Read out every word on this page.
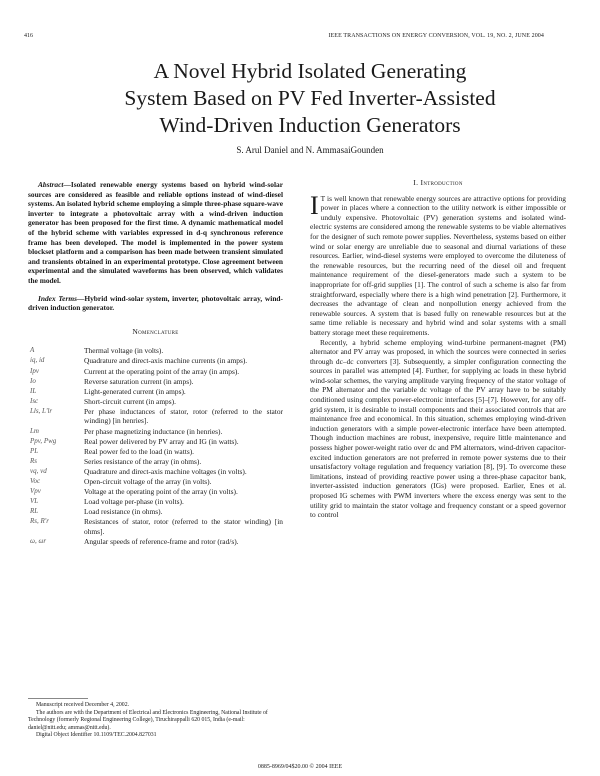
416	IEEE TRANSACTIONS ON ENERGY CONVERSION, VOL. 19, NO. 2, JUNE 2004
A Novel Hybrid Isolated Generating
System Based on PV Fed Inverter-Assisted
Wind-Driven Induction Generators
S. Arul Daniel and N. AmmasaiGounden

Abstract—Isolated renewable energy systems based on hybrid wind-solar sources are considered as feasible and reliable options instead of wind-diesel systems. An isolated hybrid scheme employing a simple three-phase square-wave inverter to integrate a photovoltaic array with a wind-driven induction generator has been proposed for the first time. A dynamic mathematical model of the hybrid scheme with variables expressed in d-q synchronous reference frame has been developed. The model is implemented in the power system blockset platform and a comparison has been made between transient simulated and transients obtained in an experimental prototype. Close agreement between experimental and the simulated waveforms has been observed, which validates the model.

Index Terms—Hybrid wind-solar system, inverter, photovoltaic array, wind-driven induction generator.

Nomenclature
A	Thermal voltage (in volts).
iq, id	Quadrature and direct-axis machine currents (in amps).
Ipv	Current at the operating point of the array (in amps).
Io	Reverse saturation current (in amps).
IL	Light-generated current (in amps).
Isc	Short-circuit current (in amps).
Lls, L'lr	Per phase inductances of stator, rotor (referred to the stator winding) [in henries].
Lm	Per phase magnetizing inductance (in henries).
Ppv, Pwg	Real power delivered by PV array and IG (in watts).
PL	Real power fed to the load (in watts).
Rs	Series resistance of the array (in ohms).
vq, vd	Quadrature and direct-axis machine voltages (in volts).
Voc	Open-circuit voltage of the array (in volts).
Vpv	Voltage at the operating point of the array (in volts).
VL	Load voltage per-phase (in volts).
RL	Load resistance (in ohms).
Rs, R'r	Resistances of stator, rotor (referred to the stator winding) [in ohms].
ω, ωr	Angular speeds of reference-frame and rotor (rad/s).

Manuscript received December 4, 2002.

The authors are with the Department of Electrical and Electronics Engineering, National Institute of Technology (formerly Regional Engineering College), Tiruchirappalli 620 015, India (e-mail: daniel@nitt.edu; ammas@nitt.edu).

Digital Object Identifier 10.1109/TEC.2004.827031

I. Introduction

I T is well known that renewable energy sources are attractive options for providing power in places where a connection to the utility network is either impossible or unduly expensive. Photovoltaic (PV) generation systems and isolated wind-electric systems are considered among the renewable systems to be viable alternatives for the designer of such remote power supplies. Nevertheless, systems based on either wind or solar energy are unreliable due to seasonal and diurnal variations of these resources. Earlier, wind-diesel systems were employed to overcome the diluteness of the renewable resources, but the recurring need of the diesel oil and frequent maintenance requirement of the diesel-generators made such a system to be inappropriate for off-grid supplies [1]. The control of such a scheme is also far from straightforward, especially where there is a high wind penetration [2]. Furthermore, it decreases the advantage of clean and nonpollution energy achieved from the renewable sources. A system that is based fully on renewable resources but at the same time reliable is necessary and hybrid wind and solar systems with a small battery storage meet these requirements.

Recently, a hybrid scheme employing wind-turbine permanent-magnet (PM) alternator and PV array was proposed, in which the sources were connected in series through dc–dc converters [3]. Subsequently, a simpler configuration connecting the sources in parallel was attempted [4]. Further, for supplying ac loads in these hybrid wind-solar schemes, the varying amplitude varying frequency of the stator voltage of the PM alternator and the variable dc voltage of the PV array have to be suitably conditioned using complex power-electronic interfaces [5]–[7]. However, for any off-grid system, it is desirable to install components and their associated controls that are maintenance free and economical. In this situation, schemes employing wind-driven induction generators with a simple power-electronic interface have been attempted. Though induction machines are robust, inexpensive, require little maintenance and possess higher power-weight ratio over dc and PM alternators, wind-driven capacitor-excited induction generators are not preferred in remote power systems due to their unsatisfactory voltage regulation and frequency variation [8], [9]. To overcome these limitations, instead of providing reactive power using a three-phase capacitor bank, inverter-assisted induction generators (IGs) were proposed. Earlier, Enes et al. proposed IG schemes with PWM inverters where the excess energy was sent to the utility grid to maintain the stator voltage and frequency constant or a speed governor to control

0885-8969/04$20.00 © 2004 IEEE
